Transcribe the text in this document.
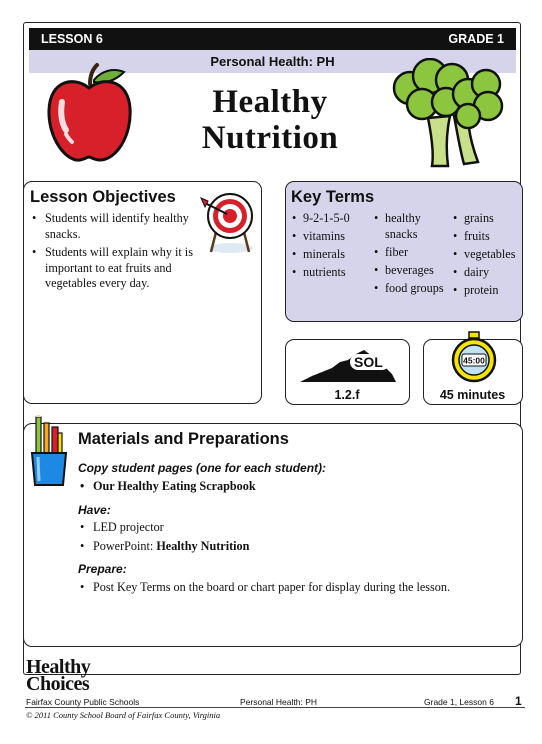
LESSON 6	GRADE 1
Personal Health: PH
Healthy
Nutrition
Lesson Objectives
• Students will identify healthy snacks.
• Students will explain why it is important to eat fruits and vegetables every day.
Key Terms
• 9-2-1-5-0
• vitamins
• minerals
• nutrients
• healthy snacks
• fiber
• beverages
• food groups
• grains
• fruits
• vegetables
• dairy
• protein
VA SOL
1.2.f
45:00
45 minutes
Materials and Preparations
Copy student pages (one for each student):
• Our Healthy Eating Scrapbook
Have:
• LED projector
• PowerPoint: Healthy Nutrition
Prepare:
• Post Key Terms on the board or chart paper for display during the lesson.
Healthy
Choices
Fairfax County Public Schools
© 2011 County School Board of Fairfax County, Virginia
Personal Health: PH	Grade 1, Lesson 6 1
